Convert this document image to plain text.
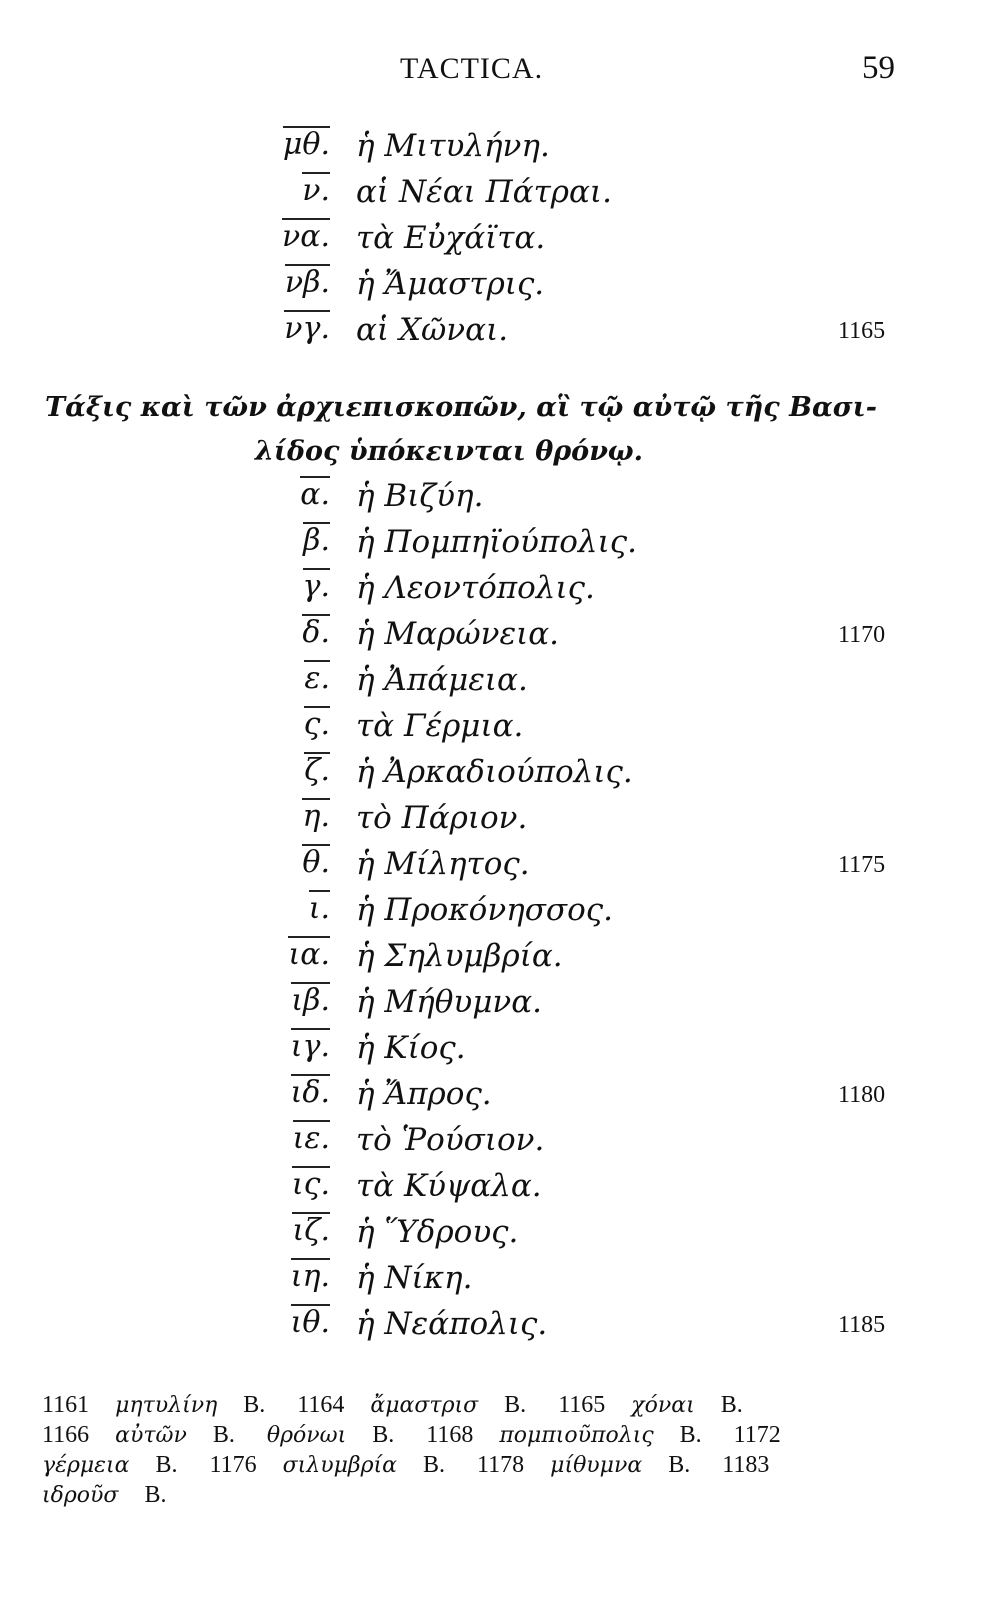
TACTICA.	59
μθ. ἡ Μιτυλήνη.
ν. αἱ Νέαι Πάτραι.
να. τὰ Εὐχάϊτα.
νβ. ἡ Ἄμαστρις.
νγ. αἱ Χῶναι.	1165
Τάξις καὶ τῶν ἀρχιεπισκοπῶν, αἳ τῷ αὐτῷ τῆς Βασι-
λίδος ὑπόκεινται θρόνῳ.
α. ἡ Βιζύη.
β. ἡ Πομπηϊούπολις.
γ. ἡ Λεοντόπολις.
δ. ἡ Μαρώνεια.	1170
ε. ἡ Ἀπάμεια.
ς. τὰ Γέρμια.
ζ. ἡ Ἀρκαδιούπολις.
η. τὸ Πάριον.
θ. ἡ Μίλητος.	1175
ι. ἡ Προκόνησσος.
ια. ἡ Σηλυμβρία.
ιβ. ἡ Μήθυμνα.
ιγ. ἡ Κίος.
ιδ. ἡ Ἄπρος.	1180
ιε. τὸ Ῥούσιον.
ις. τὰ Κύψαλα.
ιζ. ἡ Ὕδρους.
ιη. ἡ Νίκη.
ιθ. ἡ Νεάπολις.	1185
1161 μητυλίνη B. 1164 ἄμαστρισ B. 1165 χόναι B.
1166 αὐτῶν B. θρόνωι B. 1168 πομπιοῦπολις B. 1172
γέρμεια B. 1176 σιλυμβρία B. 1178 μίθυμνα B. 1183
ιδροῦσ B.
